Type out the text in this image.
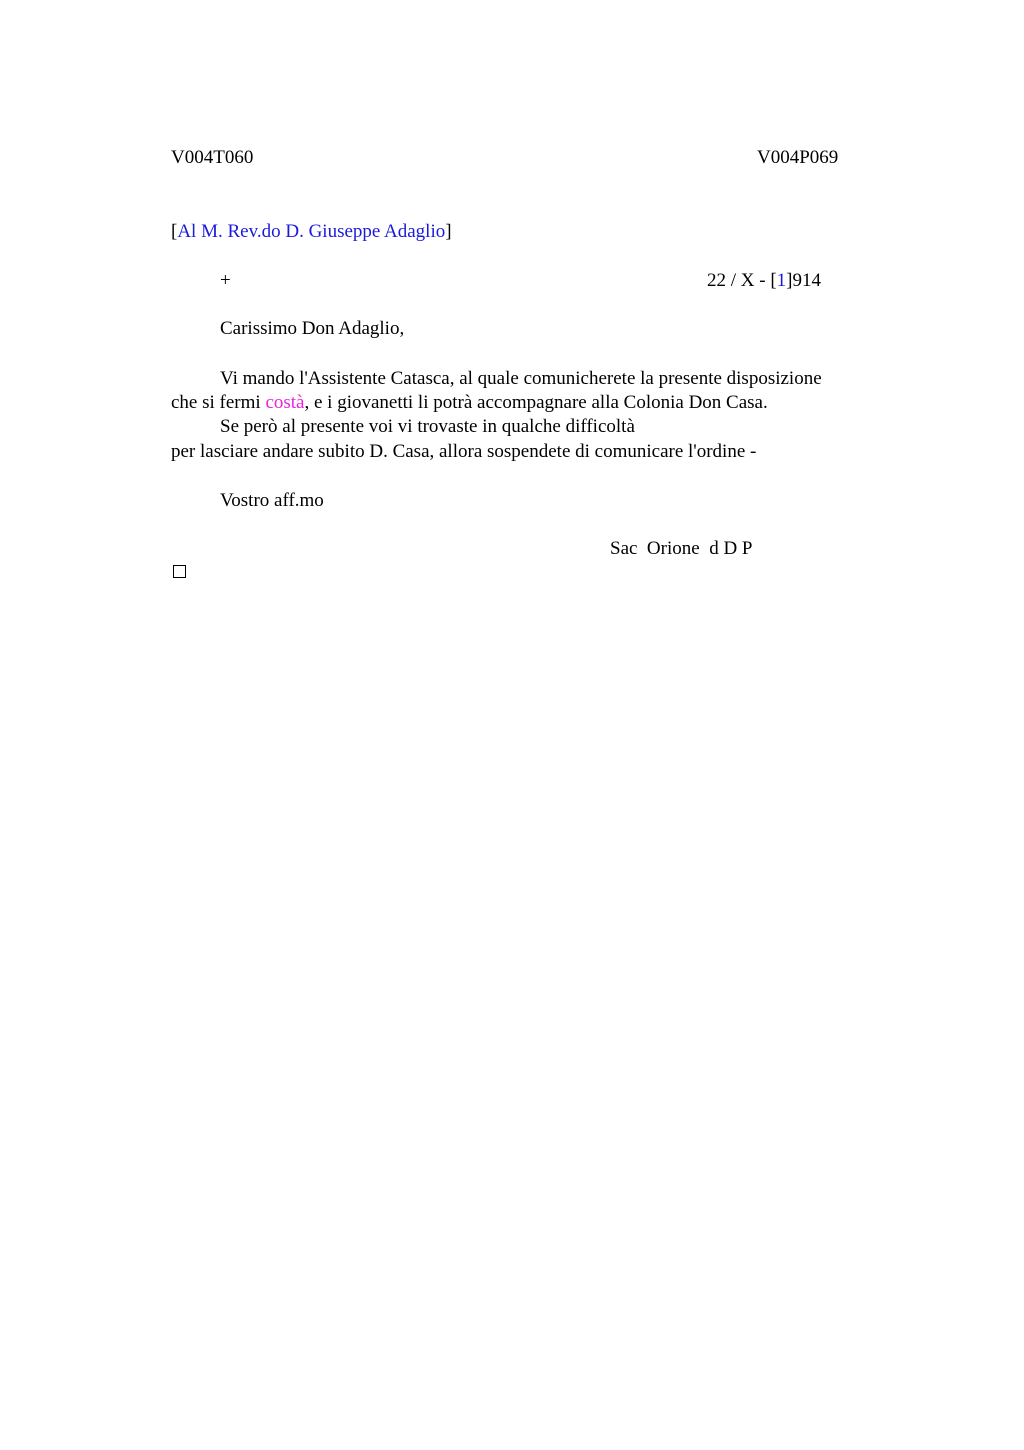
V004T060	V004P069
[Al M. Rev.do D. Giuseppe Adaglio]
+	22 / X - [1]914
Carissimo Don Adaglio,
Vi mando l'Assistente Catasca, al quale comunicherete la presente disposizione
che si fermi costà, e i giovanetti li potrà accompagnare alla Colonia Don Casa.
Se però al presente voi vi trovaste in qualche difficoltà
per lasciare andare subito D. Casa, allora sospendete di comunicare l'ordine -
Vostro aff.mo
Sac  Orione  d D P
